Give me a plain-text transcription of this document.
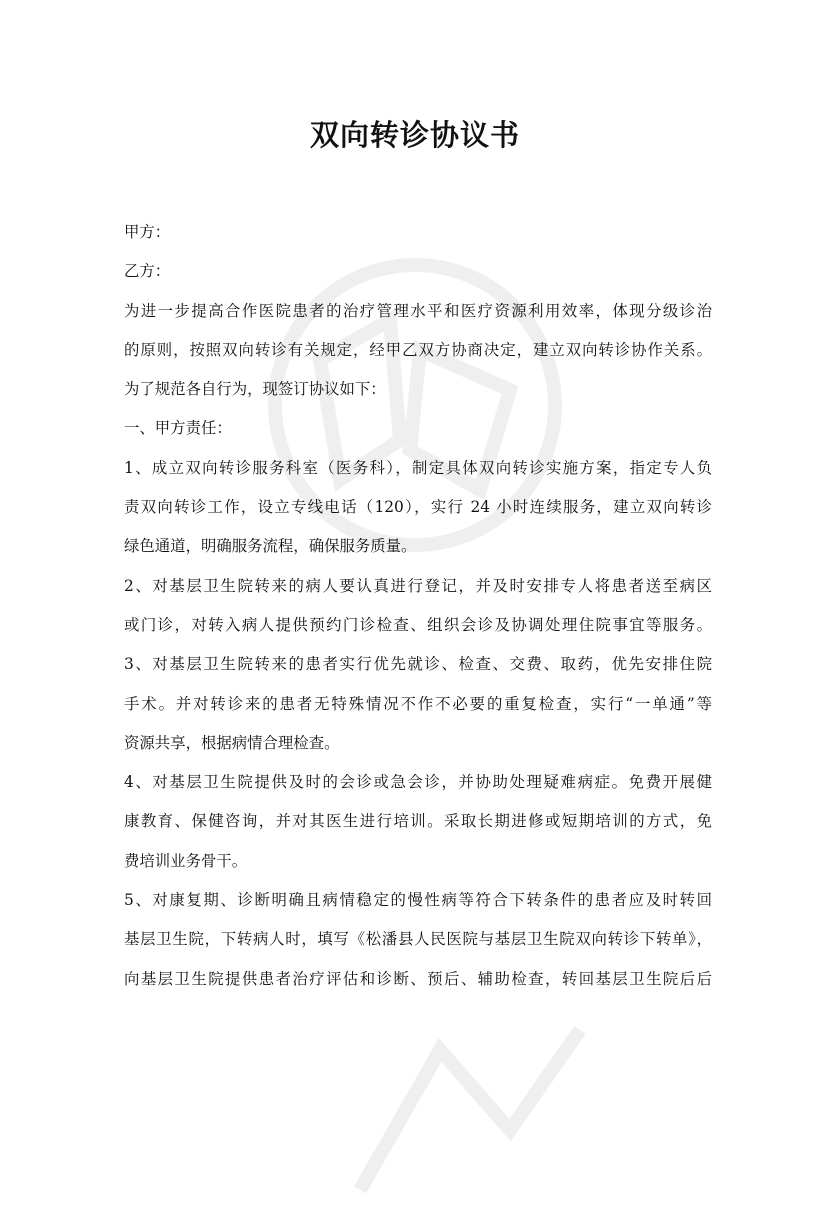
双向转诊协议书

甲方：

乙方：

为进一步提高合作医院患者的治疗管理水平和医疗资源利用效率，体现分级诊治
的原则，按照双向转诊有关规定，经甲乙双方协商决定，建立双向转诊协作关系。
为了规范各自行为，现签订协议如下：

一、甲方责任：

1、成立双向转诊服务科室（医务科），制定具体双向转诊实施方案，指定专人负
责双向转诊工作，设立专线电话（120），实行 24 小时连续服务，建立双向转诊
绿色通道，明确服务流程，确保服务质量。
2、对基层卫生院转来的病人要认真进行登记，并及时安排专人将患者送至病区
或门诊，对转入病人提供预约门诊检查、组织会诊及协调处理住院事宜等服务。
3、对基层卫生院转来的患者实行优先就诊、检查、交费、取药，优先安排住院
手术。并对转诊来的患者无特殊情况不作不必要的重复检查，实行“一单通”等
资源共享，根据病情合理检查。
4、对基层卫生院提供及时的会诊或急会诊，并协助处理疑难病症。免费开展健
康教育、保健咨询，并对其医生进行培训。采取长期进修或短期培训的方式，免
费培训业务骨干。
5、对康复期、诊断明确且病情稳定的慢性病等符合下转条件的患者应及时转回
基层卫生院，下转病人时，填写《松潘县人民医院与基层卫生院双向转诊下转单》，
向基层卫生院提供患者治疗评估和诊断、预后、辅助检查，转回基层卫生院后后
